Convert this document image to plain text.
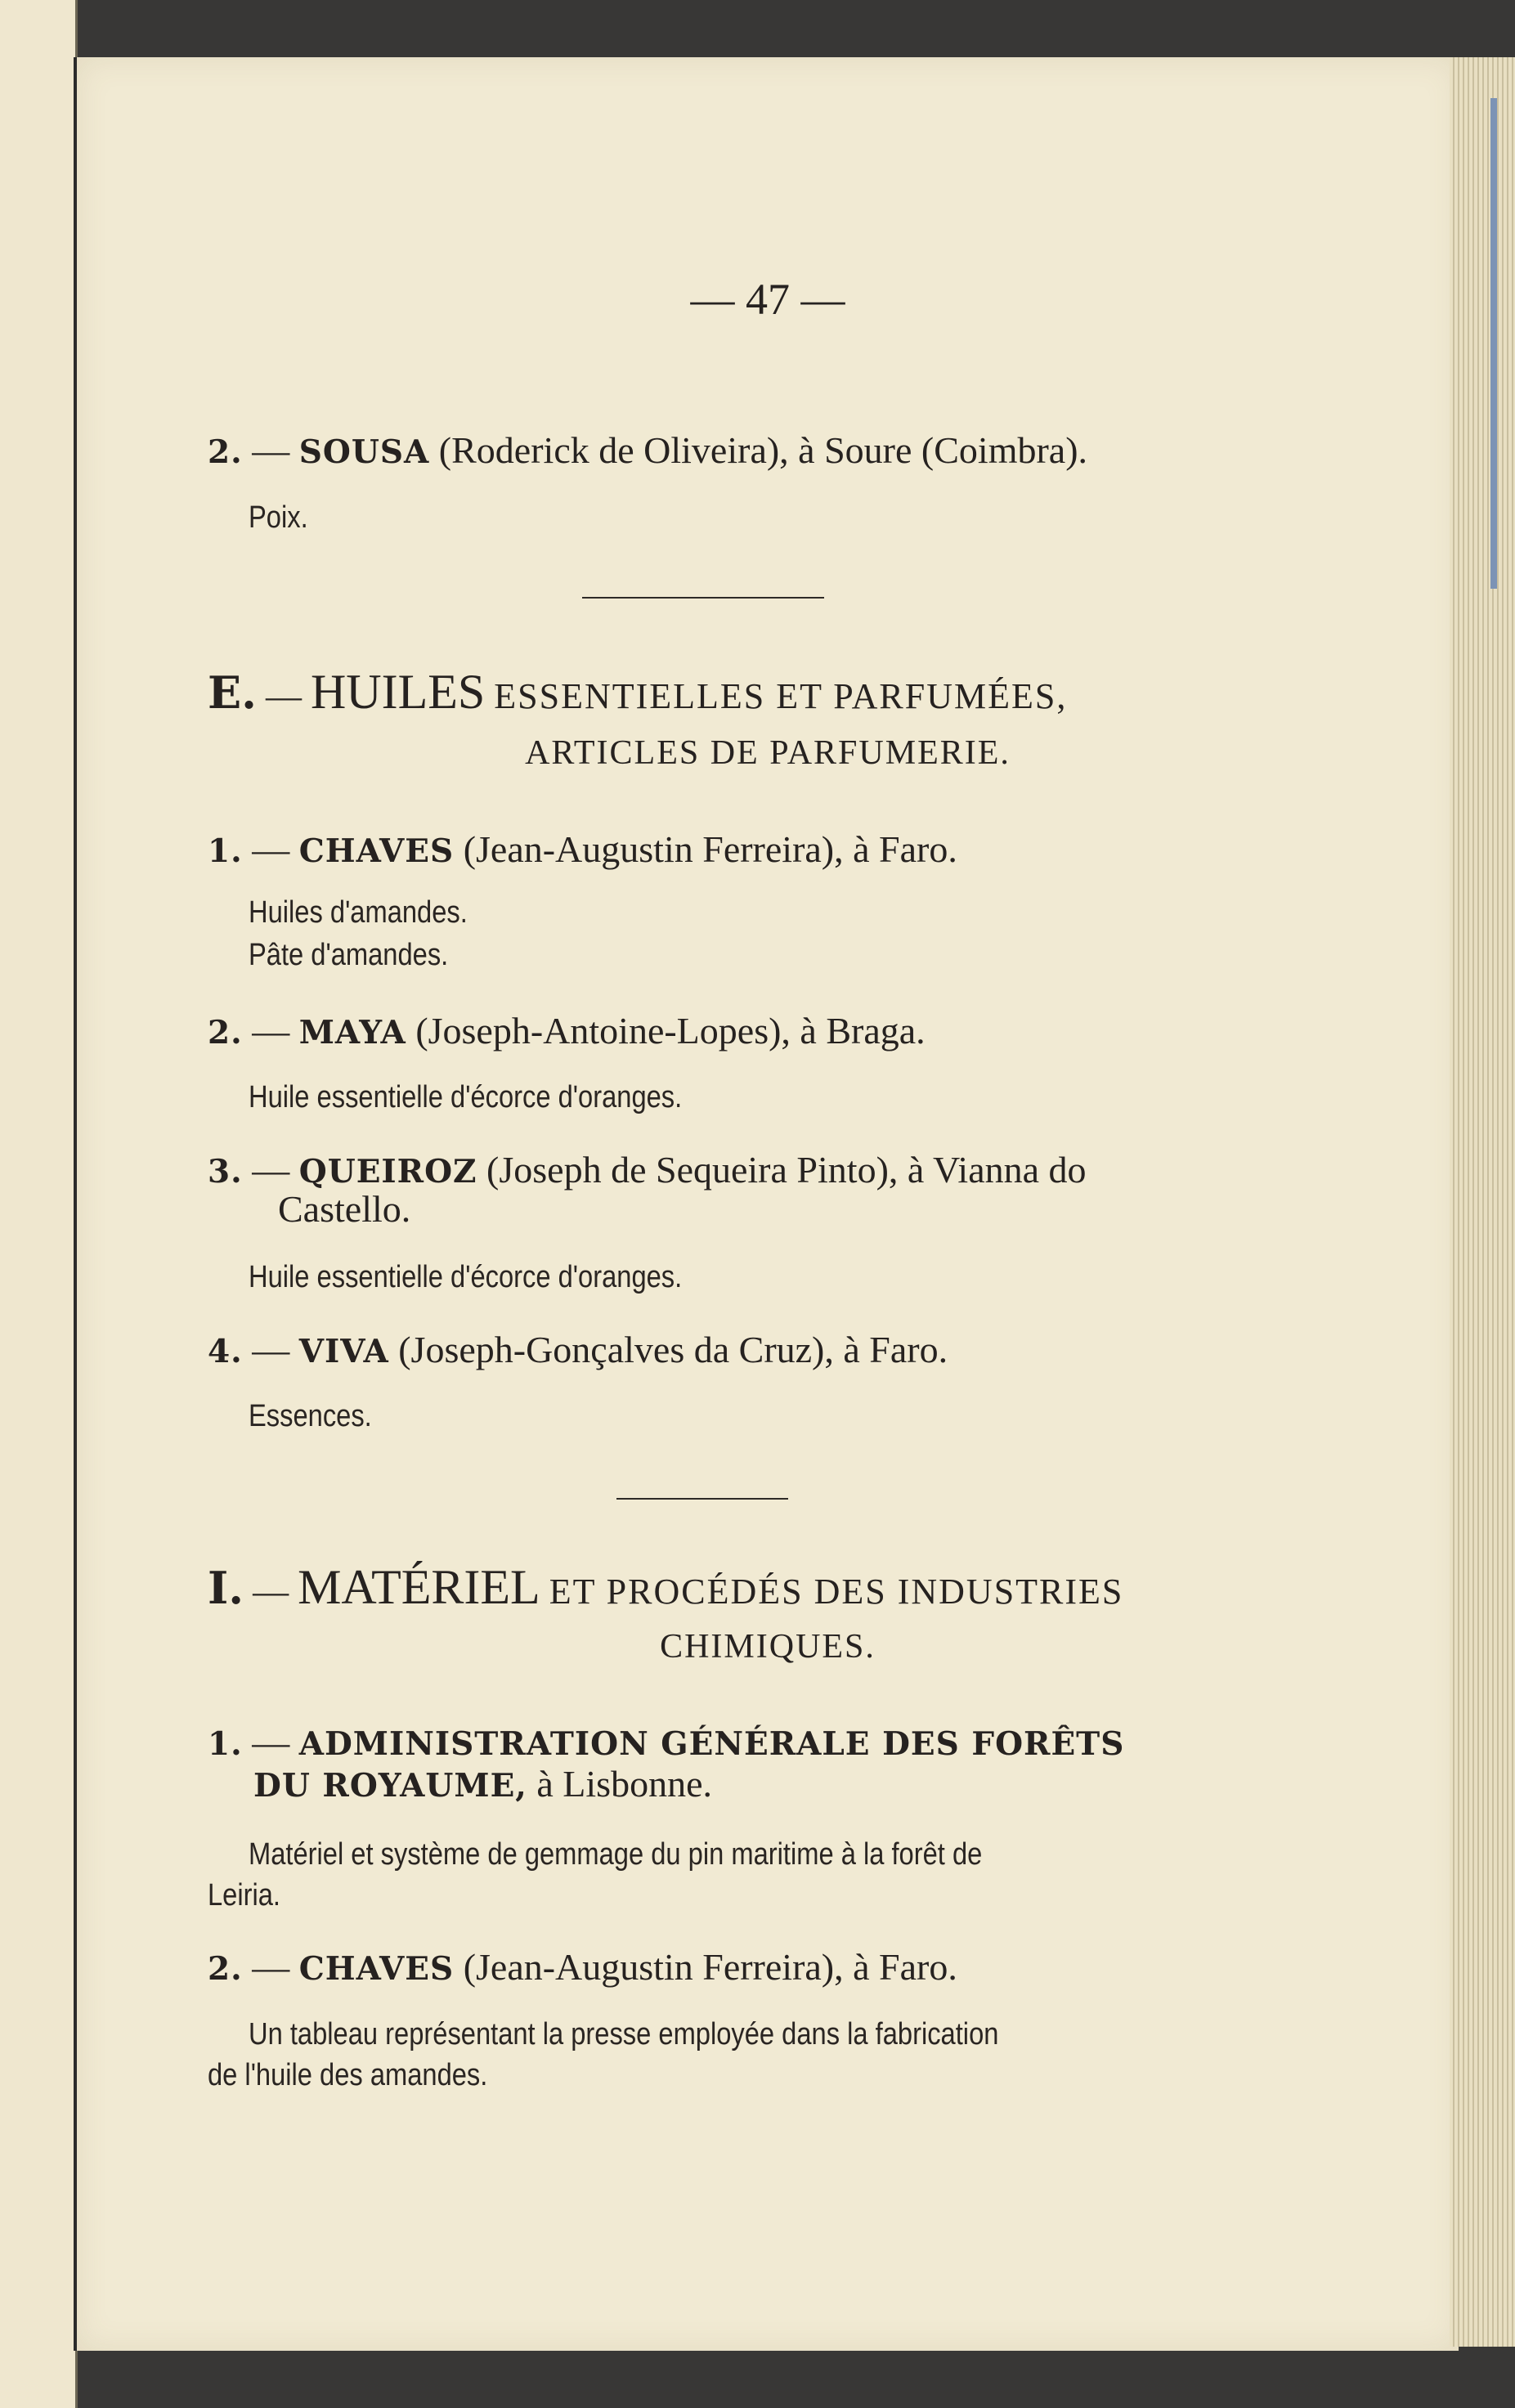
— 47 —
2. — SOUSA (Roderick de Oliveira), à Soure (Coimbra).
Poix.
E. — HUILES ESSENTIELLES ET PARFUMÉES,
ARTICLES DE PARFUMERIE.
1. — CHAVES (Jean-Augustin Ferreira), à Faro.
Huiles d'amandes.
Pâte d'amandes.
2. — MAYA (Joseph-Antoine-Lopes), à Braga.
Huile essentielle d'écorce d'oranges.
3. — QUEIROZ (Joseph de Sequeira Pinto), à Vianna do
Castello.
Huile essentielle d'écorce d'oranges.
4. — VIVA (Joseph-Gonçalves da Cruz), à Faro.
Essences.
I. — MATÉRIEL ET PROCÉDÉS DES INDUSTRIES
CHIMIQUES.
1. — ADMINISTRATION GÉNÉRALE DES FORÊTS
DU ROYAUME, à Lisbonne.
Matériel et système de gemmage du pin maritime à la forêt de
Leiria.
2. — CHAVES (Jean-Augustin Ferreira), à Faro.
Un tableau représentant la presse employée dans la fabrication
de l'huile des amandes.
